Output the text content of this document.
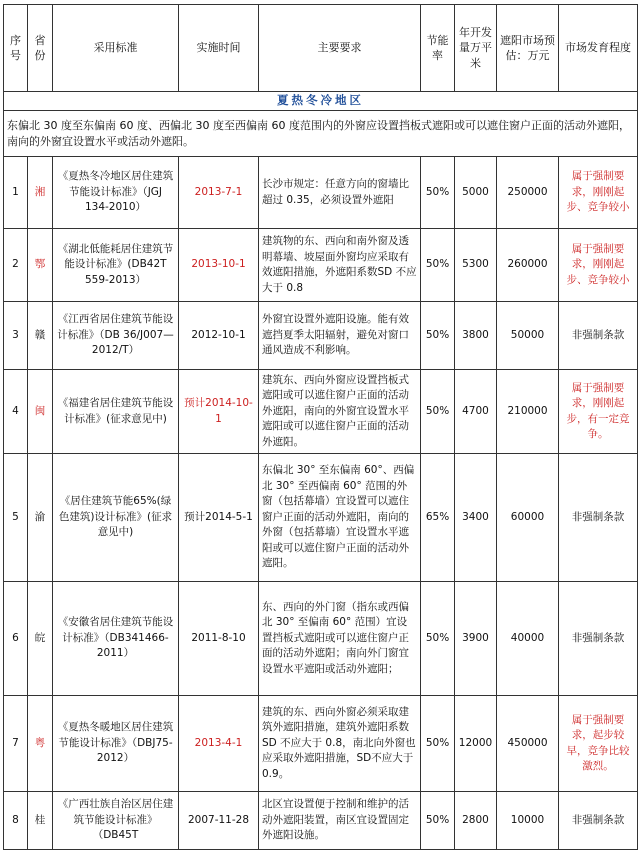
序号	省份	采用标准	实施时间	主要要求	节能率	年开发量万平米	遮阳市场预估：万元	市场发育程度
夏热冬冷地区								
东偏北 30 度至东偏南 60 度、西偏北 30 度至西偏南 60 度范围内的外窗应设置挡板式遮阳或可以遮住窗户正面的活动外遮阳，南向的外窗宜设置水平或活动外遮阳。								
1	湘	《夏热冬冷地区居住建筑节能设计标准》（JGJ 134-2010）	2013-7-1	长沙市规定：任意方向的窗墙比超过 0.35，必须设置外遮阳	50%	5000	250000	属于强制要求，刚刚起步、竞争较小
2	鄂	《湖北低能耗居住建筑节能设计标准》(DB42T 559-2013）	2013-10-1	建筑物的东、西向和南外窗及透明幕墙、坡屋面外窗均应采取有效遮阳措施，外遮阳系数SD 不应大于 0.8	50%	5300	260000	属于强制要求，刚刚起步、竞争较小
3	赣	《江西省居住建筑节能设计标准》（DB 36/J007—2012/T）	2012-10-1	外窗宜设置外遮阳设施。能有效遮挡夏季太阳辐射，避免对窗口通风造成不利影响。	50%	3800	50000	非强制条款
4	闽	《福建省居住建筑节能设计标准》(征求意见中)	预计2014-10-1	建筑东、西向外窗应设置挡板式遮阳或可以遮住窗户正面的活动外遮阳，南向的外窗宜设置水平遮阳或可以遮住窗户正面的活动外遮阳。	50%	4700	210000	属于强制要求，刚刚起步，有一定竞争。
5	渝	《居住建筑节能65%(绿色建筑)设计标准》(征求意见中)	预计2014-5-1	东偏北 30° 至东偏南 60°、西偏北 30° 至西偏南 60° 范围的外窗（包括幕墙）宜设置可以遮住窗户正面的活动外遮阳，南向的外窗（包括幕墙）宜设置水平遮阳或可以遮住窗户正面的活动外遮阳。	65%	3400	60000	非强制条款
6	皖	《安徽省居住建筑节能设计标准》（DB341466-2011）	2011-8-10	东、西向的外门窗（指东或西偏北 30° 至偏南 60° 范围）宜设置挡板式遮阳或可以遮住窗户正面的活动外遮阳；南向外门窗宜设置水平遮阳或活动外遮阳；	50%	3900	40000	非强制条款
7	粤	《夏热冬暖地区居住建筑节能设计标准》（DBJ75-2012）	2013-4-1	建筑的东、西向外窗必须采取建筑外遮阳措施，建筑外遮阳系数 SD 不应大于 0.8，南北向外窗也应采取外遮阳措施，SD不应大于 0.9。	50%	12000	450000	属于强制要求，起步较早，竞争比较激烈。
8	桂	《广西壮族自治区居住建筑节能设计标准》（DB45T	2007-11-28	北区宜设置便于控制和维护的活动外遮阳装置，南区宜设置固定外遮阳设施。	50%	2800	10000	非强制条款
